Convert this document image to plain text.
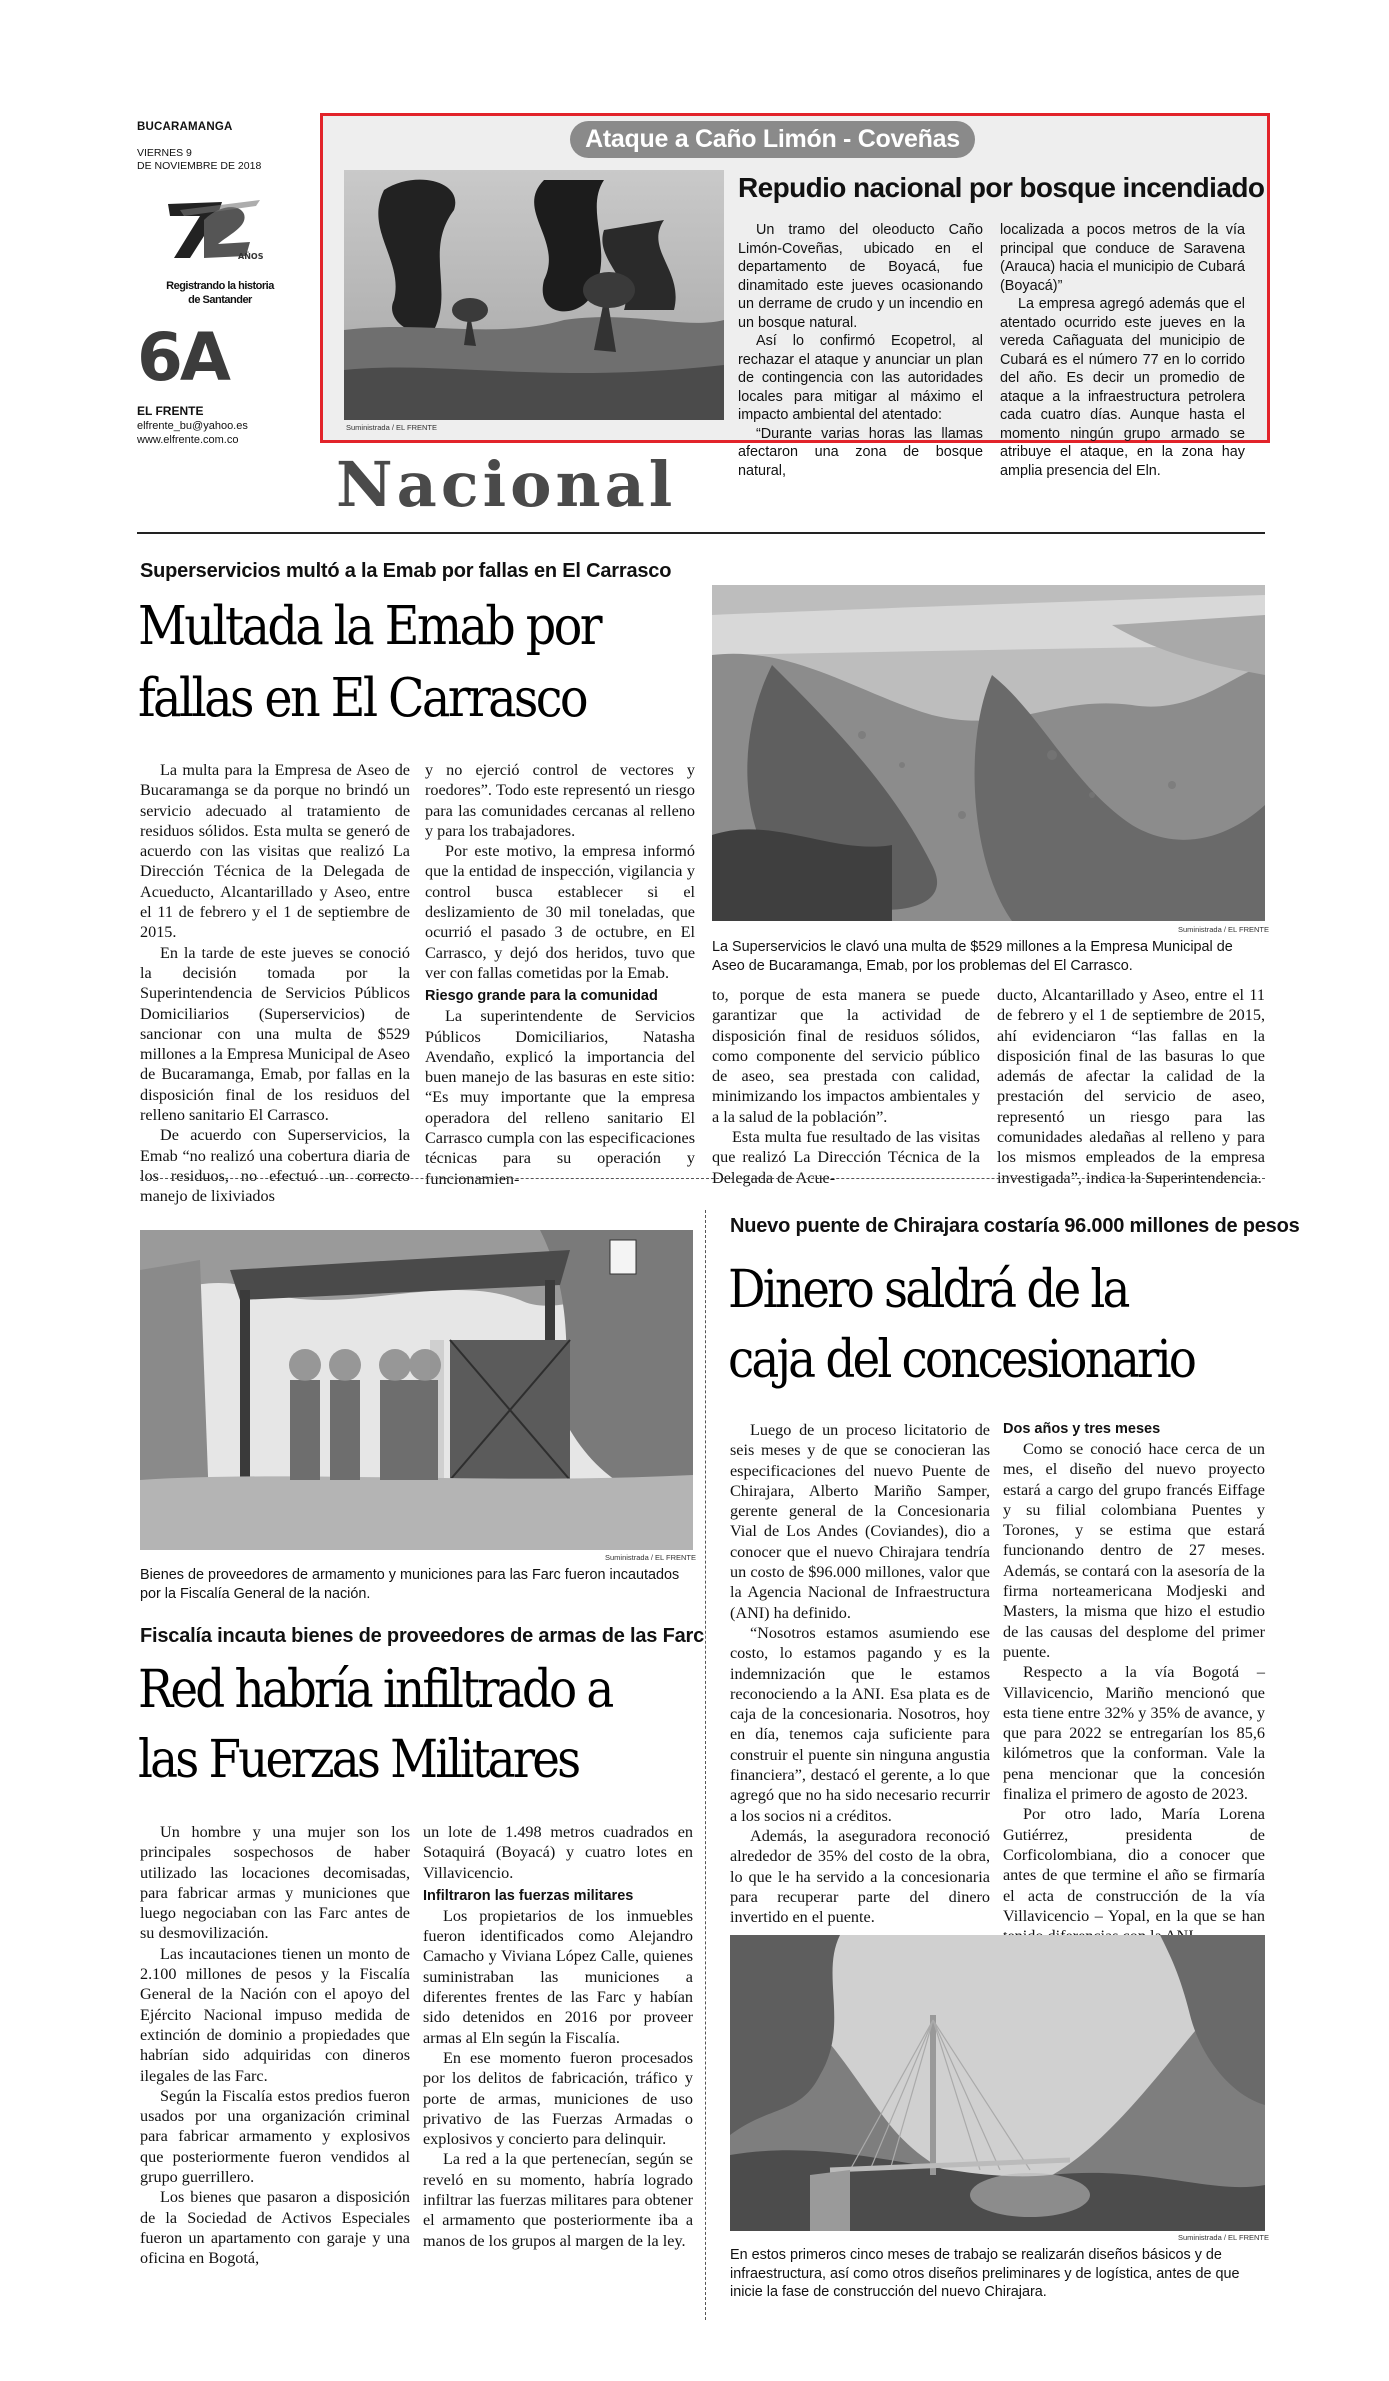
BUCARAMANGA
VIERNES 9
DE NOVIEMBRE DE 2018
AÑOS
Registrando la historia
de Santander
6A
EL FRENTE
elfrente_bu@yahoo.es
www.elfrente.com.co
Ataque a Caño Limón - Coveñas
Suministrada / EL FRENTE
Repudio nacional por bosque incendiado

Un tramo del oleoducto Caño Limón-Coveñas, ubicado en el departamento de Boyacá, fue dinamitado este jueves ocasionando un derrame de crudo y un incendio en un bosque natural.

Así lo confirmó Ecopetrol, al rechazar el ataque y anunciar un plan de contingencia con las autoridades locales para mitigar al máximo el impacto ambiental del atentado:

“Durante varias horas las llamas afectaron una zona de bosque natural,

localizada a pocos metros de la vía principal que conduce de Saravena (Arauca) hacia el municipio de Cubará (Boyacá)”

La empresa agregó además que el atentado ocurrido este jueves en la vereda Cañaguata del municipio de Cubará es el número 77 en lo corrido del año. Es decir un promedio de ataque a la infraestructura petrolera cada cuatro días. Aunque hasta el momento ningún grupo armado se atribuye el ataque, en la zona hay amplia presencia del Eln.

Nacional
Superservicios multó a la Emab por fallas en El Carrasco
Multada la Emab por
fallas en El Carrasco

La multa para la Empresa de Aseo de Bucaramanga se da porque no brindó un servicio adecuado al tratamiento de residuos sólidos. Esta multa se generó de acuerdo con las visitas que realizó La Dirección Técnica de la Delegada de Acueducto, Alcantarillado y Aseo, entre el 11 de febrero y el 1 de septiembre de 2015.

En la tarde de este jueves se conoció la decisión tomada por la Superintendencia de Servicios Públicos Domiciliarios (Superservicios) de sancionar con una multa de $529 millones a la Empresa Municipal de Aseo de Bucaramanga, Emab, por fallas en la disposición final de los residuos del relleno sanitario El Carrasco.

De acuerdo con Superservicios, la Emab “no realizó una cobertura diaria de los residuos, no efectuó un correcto manejo de lixiviados

y no ejerció control de vectores y roedores”. Todo este representó un riesgo para las comunidades cercanas al relleno y para los trabajadores.

Por este motivo, la empresa informó que la entidad de inspección, vigilancia y control busca establecer si el deslizamiento de 30 mil toneladas, que ocurrió el pasado 3 de octubre, en El Carrasco, y dejó dos heridos, tuvo que ver con fallas cometidas por la Emab.

Riesgo grande para la comunidad

La superintendente de Servicios Públicos Domiciliarios, Natasha Avendaño, explicó la importancia del buen manejo de las basuras en este sitio: “Es muy importante que la empresa operadora del relleno sanitario El Carrasco cumpla con las especificaciones técnicas para su operación y funcionamien-

Suministrada / EL FRENTE
La Superservicios le clavó una multa de $529 millones a la Empresa Municipal de Aseo de Bucaramanga, Emab, por los problemas del El Carrasco.

to, porque de esta manera se puede garantizar que la actividad de disposición final de residuos sólidos, como componente del servicio público de aseo, sea prestada con calidad, minimizando los impactos ambientales y a la salud de la población”.

Esta multa fue resultado de las visitas que realizó La Dirección Técnica de la Delegada de Acue-

ducto, Alcantarillado y Aseo, entre el 11 de febrero y el 1 de septiembre de 2015, ahí evidenciaron “las fallas en la disposición final de las basuras lo que además de afectar la calidad de la prestación del servicio de aseo, representó un riesgo para las comunidades aledañas al relleno y para los mismos empleados de la empresa investigada”, indica la Superintendencia.

Suministrada / EL FRENTE
Bienes de proveedores de armamento y municiones para las Farc fueron incautados por la Fiscalía General de la nación.
Fiscalía incauta bienes de proveedores de armas de las Farc
Red habría infiltrado a
las Fuerzas Militares

Un hombre y una mujer son los principales sospechosos de haber utilizado las locaciones decomisadas, para fabricar armas y municiones que luego negociaban con las Farc antes de su desmovilización.

Las incautaciones tienen un monto de 2.100 millones de pesos y la Fiscalía General de la Nación con el apoyo del Ejército Nacional impuso medida de extinción de dominio a propiedades que habrían sido adquiridas con dineros ilegales de las Farc.

Según la Fiscalía estos predios fueron usados por una organización criminal para fabricar armamento y explosivos que posteriormente fueron vendidos al grupo guerrillero.

Los bienes que pasaron a disposición de la Sociedad de Activos Especiales fueron un apartamento con garaje y una oficina en Bogotá,

un lote de 1.498 metros cuadrados en Sotaquirá (Boyacá) y cuatro lotes en Villavicencio.

Infiltraron las fuerzas militares

Los propietarios de los inmuebles fueron identificados como Alejandro Camacho y Viviana López Calle, quienes suministraban las municiones a diferentes frentes de las Farc y habían sido detenidos en 2016 por proveer armas al Eln según la Fiscalía.

En ese momento fueron procesados por los delitos de fabricación, tráfico y porte de armas, municiones de uso privativo de las Fuerzas Armadas o explosivos y concierto para delinquir.

La red a la que pertenecían, según se reveló en su momento, habría logrado infiltrar las fuerzas militares para obtener el armamento que posteriormente iba a manos de los grupos al margen de la ley.

Nuevo puente de Chirajara costaría 96.000 millones de pesos
Dinero saldrá de la
caja del concesionario

Luego de un proceso licitatorio de seis meses y de que se conocieran las especificaciones del nuevo Puente de Chirajara, Alberto Mariño Samper, gerente general de la Concesionaria Vial de Los Andes (Coviandes), dio a conocer que el nuevo Chirajara tendría un costo de $96.000 millones, valor que la Agencia Nacional de Infraestructura (ANI) ha definido.

“Nosotros estamos asumiendo ese costo, lo estamos pagando y es la indemnización que le estamos reconociendo a la ANI. Esa plata es de caja de la concesionaria. Nosotros, hoy en día, tenemos caja suficiente para construir el puente sin ninguna angustia financiera”, destacó el gerente, a lo que agregó que no ha sido necesario recurrir a los socios ni a créditos.

Además, la aseguradora reconoció alrededor de 35% del costo de la obra, lo que le ha servido a la concesionaria para recuperar parte del dinero invertido en el puente.

Dos años y tres meses

Como se conoció hace cerca de un mes, el diseño del nuevo proyecto estará a cargo del grupo francés Eiffage y su filial colombiana Puentes y Torones, y se estima que estará funcionando dentro de 27 meses. Además, se contará con la asesoría de la firma norteamericana Modjeski and Masters, la misma que hizo el estudio de las causas del desplome del primer puente.

Respecto a la vía Bogotá – Villavicencio, Mariño mencionó que esta tiene entre 32% y 35% de avance, y que para 2022 se entregarían los 85,6 kilómetros que la conforman. Vale la pena mencionar que la concesión finaliza el primero de agosto de 2023.

Por otro lado, María Lorena Gutiérrez, presidenta de Corficolombiana, dio a conocer que antes de que termine el año se firmaría el acta de construcción de la vía Villavicencio – Yopal, en la que se han

Suministrada / EL FRENTE
En estos primeros cinco meses de trabajo se realizarán diseños básicos y de infraestructura, así como otros diseños preliminares y de logística, antes de que inicie la fase de construcción del nuevo Chirajara.
